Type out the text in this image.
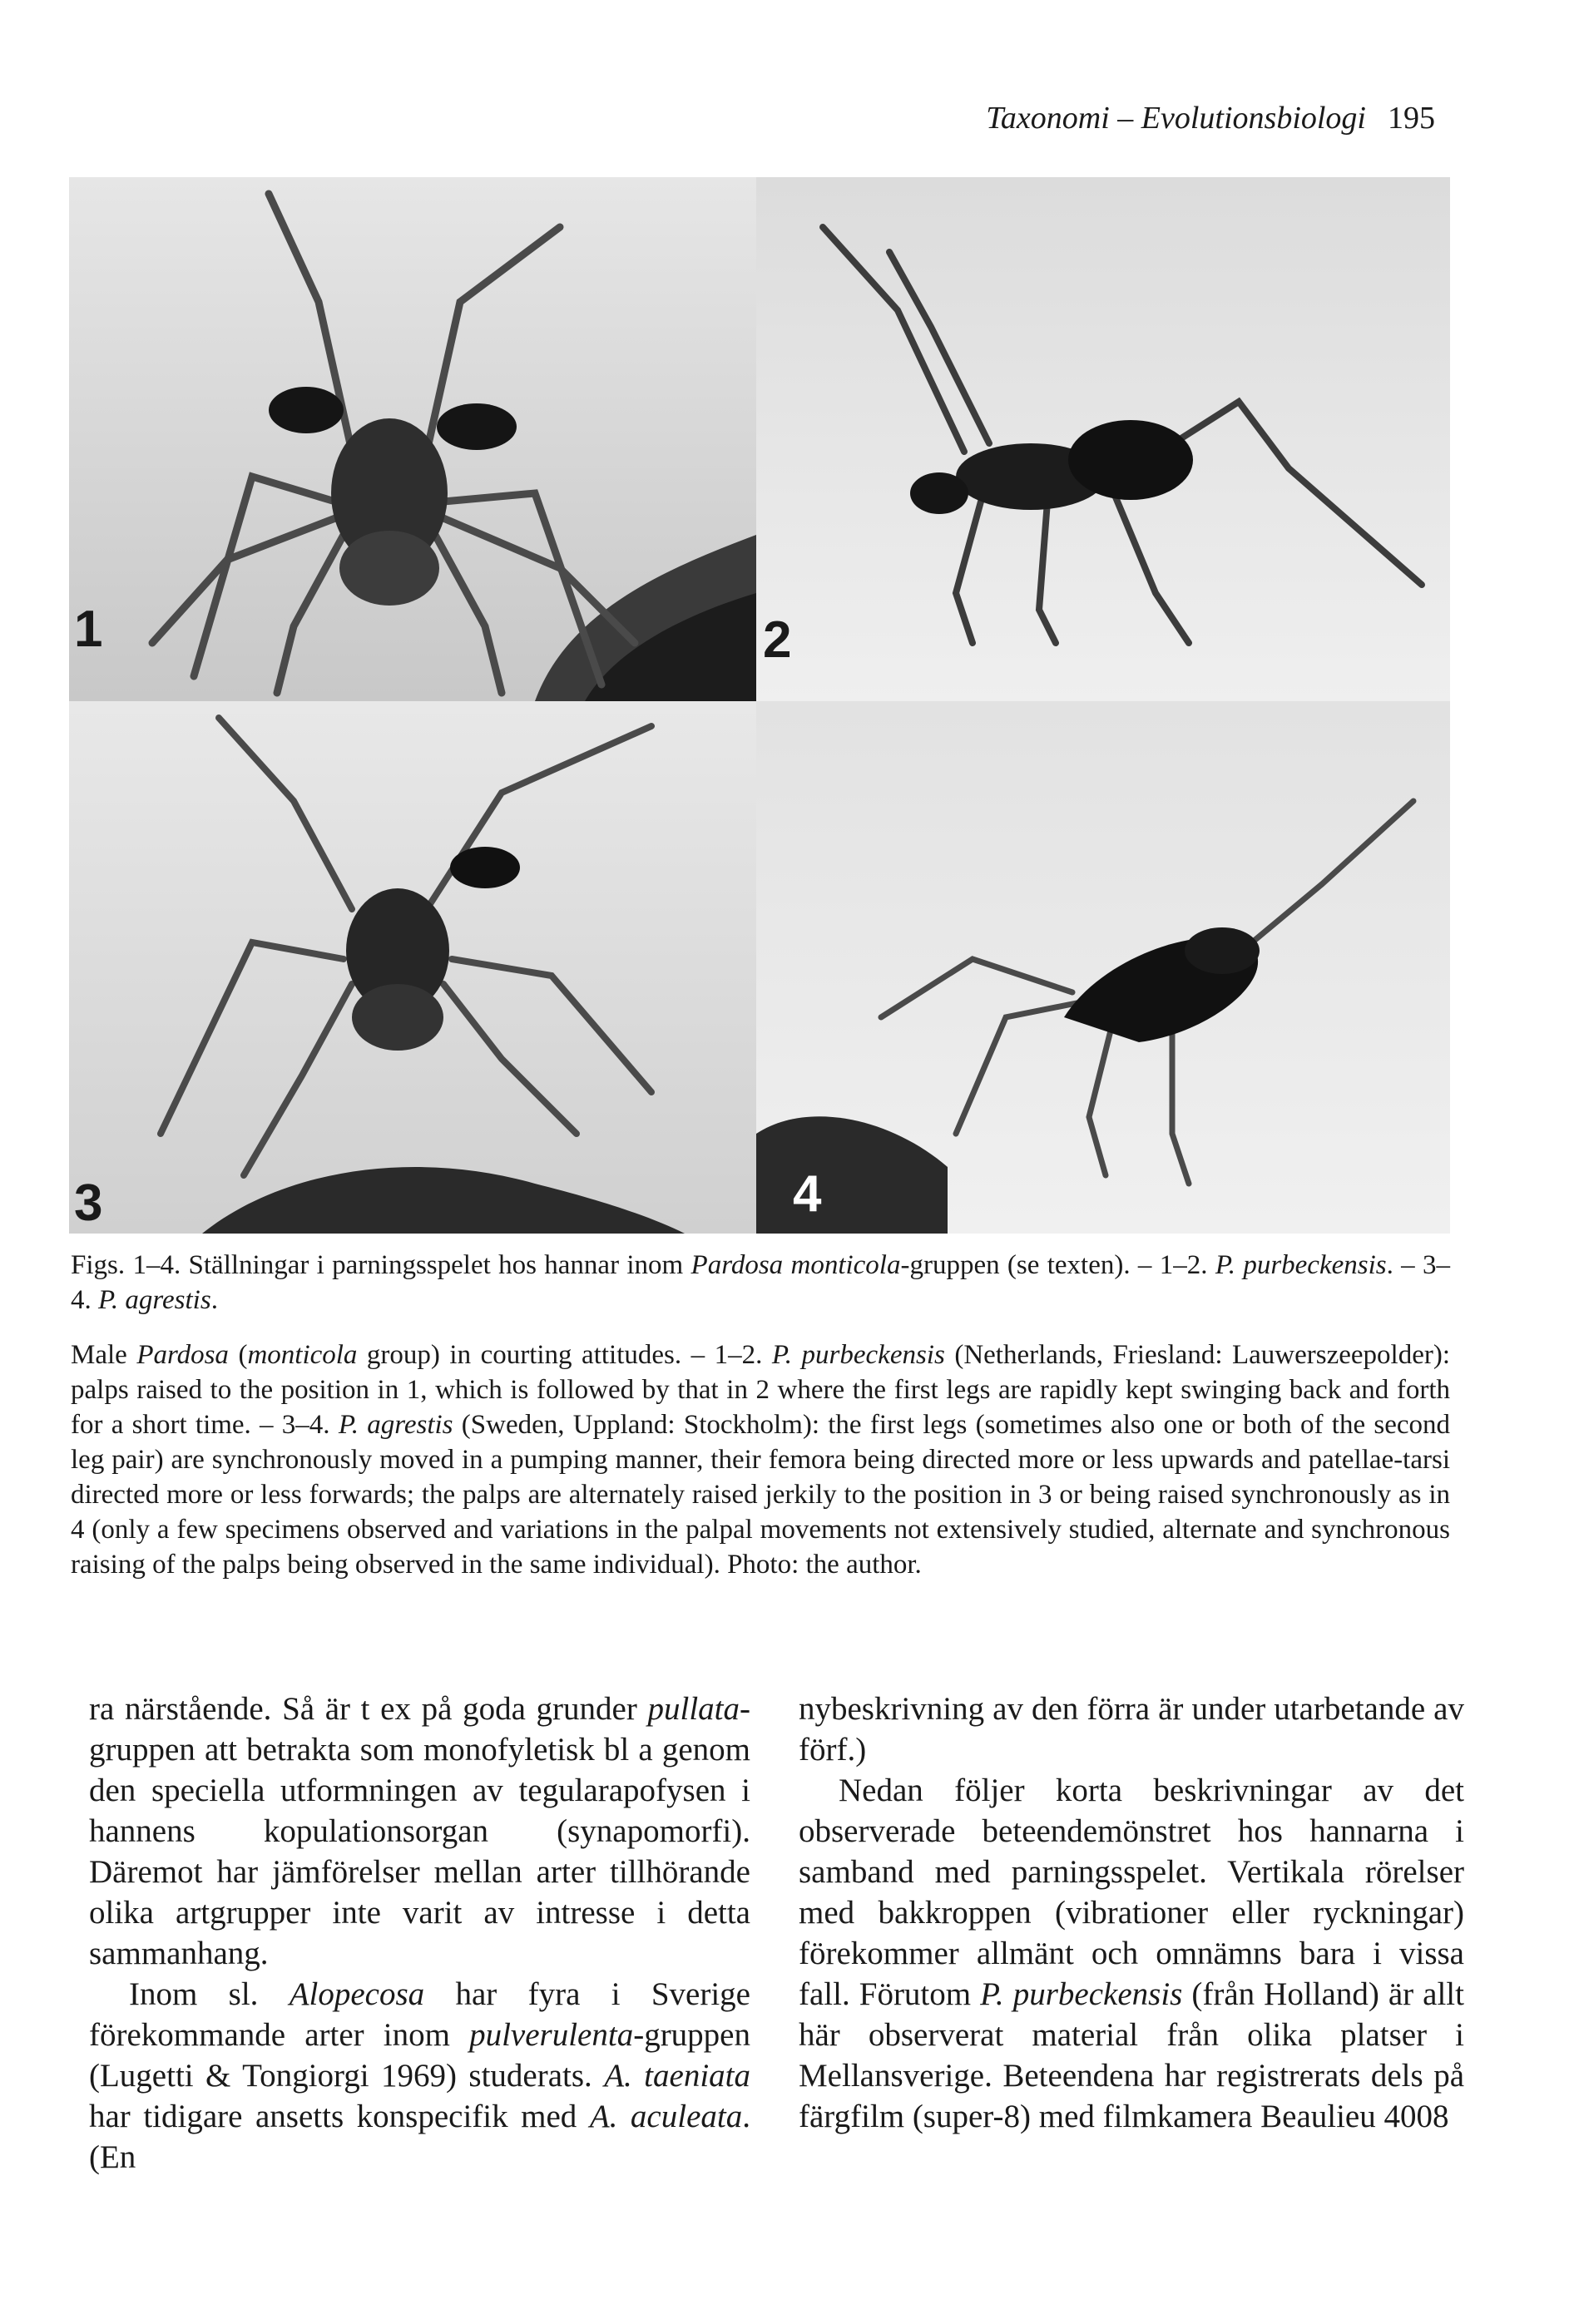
Taxonomi – Evolutionsbiologi 195
1	2
3	4

Figs. 1–4. Ställningar i parningsspelet hos hannar inom Pardosa monticola-gruppen (se texten). – 1–2. P. purbeckensis. – 3–4. P. agrestis.

Male Pardosa (monticola group) in courting attitudes. – 1–2. P. purbeckensis (Netherlands, Friesland: Lauwerszeepolder): palps raised to the position in 1, which is followed by that in 2 where the first legs are rapidly kept swinging back and forth for a short time. – 3–4. P. agrestis (Sweden, Uppland: Stockholm): the first legs (sometimes also one or both of the second leg pair) are synchronously moved in a pumping manner, their femora being directed more or less upwards and patellae-tarsi directed more or less forwards; the palps are alternately raised jerkily to the position in 3 or being raised synchronously as in 4 (only a few specimens observed and variations in the palpal movements not extensively studied, alternate and synchronous raising of the palps being observed in the same individual). Photo: the author.

ra närstående. Så är t ex på goda grunder pullata-gruppen att betrakta som monofyletisk bl a genom den speciella utformningen av tegularapofysen i hannens kopulationsorgan (synapomorfi). Däremot har jämförelser mellan arter tillhörande olika artgrupper inte varit av intresse i detta sammanhang.

Inom sl. Alopecosa har fyra i Sverige förekommande arter inom pulverulenta-gruppen (Lugetti & Tongiorgi 1969) studerats. A. taeniata har tidigare ansetts konspecifik med A. aculeata. (En

nybeskrivning av den förra är under utarbetande av förf.)

Nedan följer korta beskrivningar av det observerade beteendemönstret hos hannarna i samband med parningsspelet. Vertikala rörelser med bakkroppen (vibrationer eller ryckningar) förekommer allmänt och omnämns bara i vissa fall. Förutom P. purbeckensis (från Holland) är allt här observerat material från olika platser i Mellansverige. Beteendena har registrerats dels på färgfilm (super-8) med filmkamera Beaulieu 4008
